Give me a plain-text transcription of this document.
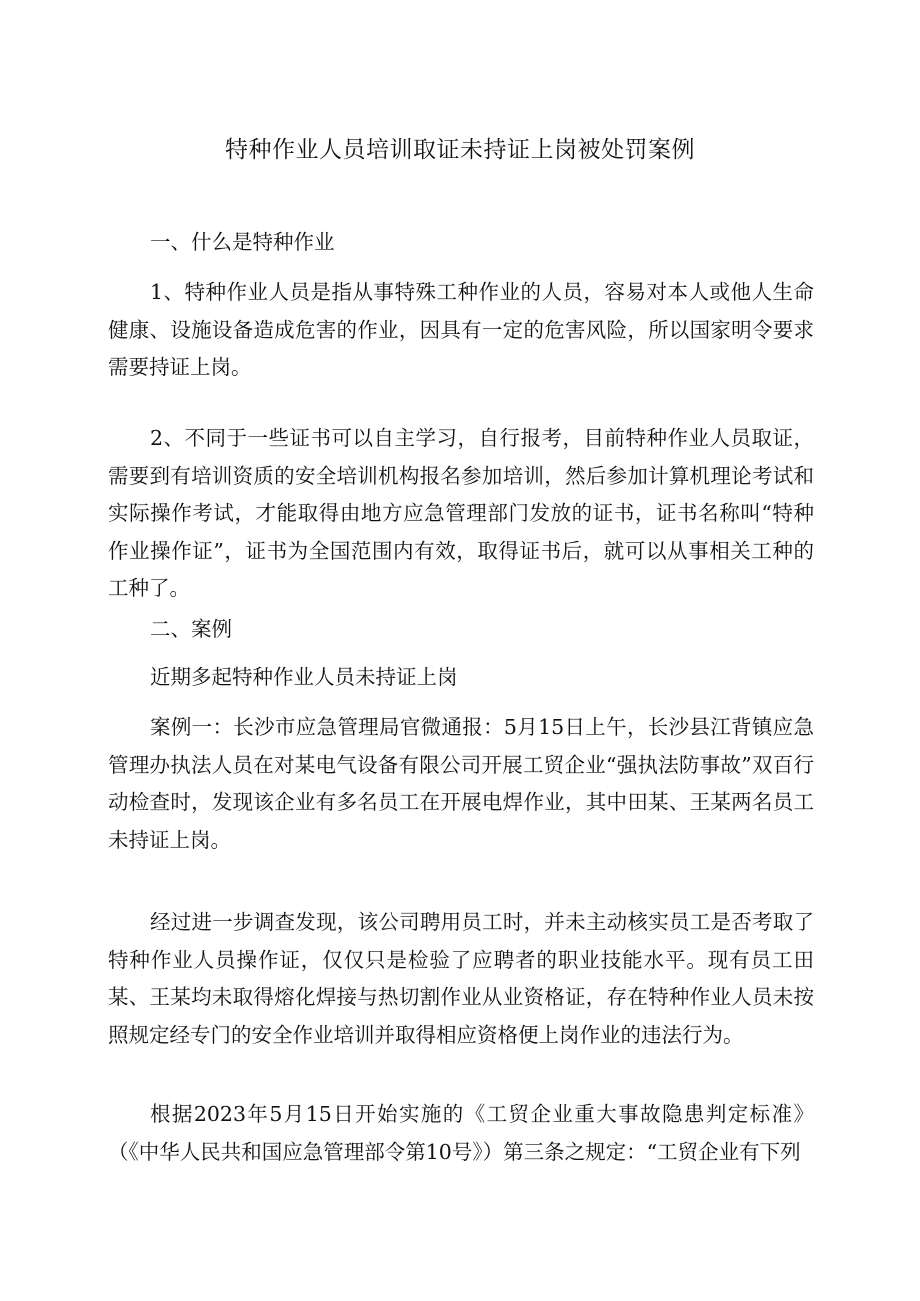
特种作业人员培训取证未持证上岗被处罚案例
一、什么是特种作业
1、特种作业人员是指从事特殊工种作业的人员，容易对本人或他人生命健康、设施设备造成危害的作业，因具有一定的危害风险，所以国家明令要求需要持证上岗。
2、不同于一些证书可以自主学习，自行报考，目前特种作业人员取证，需要到有培训资质的安全培训机构报名参加培训，然后参加计算机理论考试和实际操作考试，才能取得由地方应急管理部门发放的证书，证书名称叫“特种作业操作证”，证书为全国范围内有效，取得证书后，就可以从事相关工种的工种了。
二、案例
近期多起特种作业人员未持证上岗
案例一：长沙市应急管理局官微通报：5月15日上午，长沙县江背镇应急管理办执法人员在对某电气设备有限公司开展工贸企业“强执法防事故”双百行动检查时，发现该企业有多名员工在开展电焊作业，其中田某、王某两名员工未持证上岗。
经过进一步调查发现，该公司聘用员工时，并未主动核实员工是否考取了特种作业人员操作证，仅仅只是检验了应聘者的职业技能水平。现有员工田某、王某均未取得熔化焊接与热切割作业从业资格证，存在特种作业人员未按照规定经专门的安全作业培训并取得相应资格便上岗作业的违法行为。
根据2023年5月15日开始实施的《工贸企业重大事故隐患判定标准》（《中华人民共和国应急管理部令第10号》）第三条之规定：“工贸企业有下列
